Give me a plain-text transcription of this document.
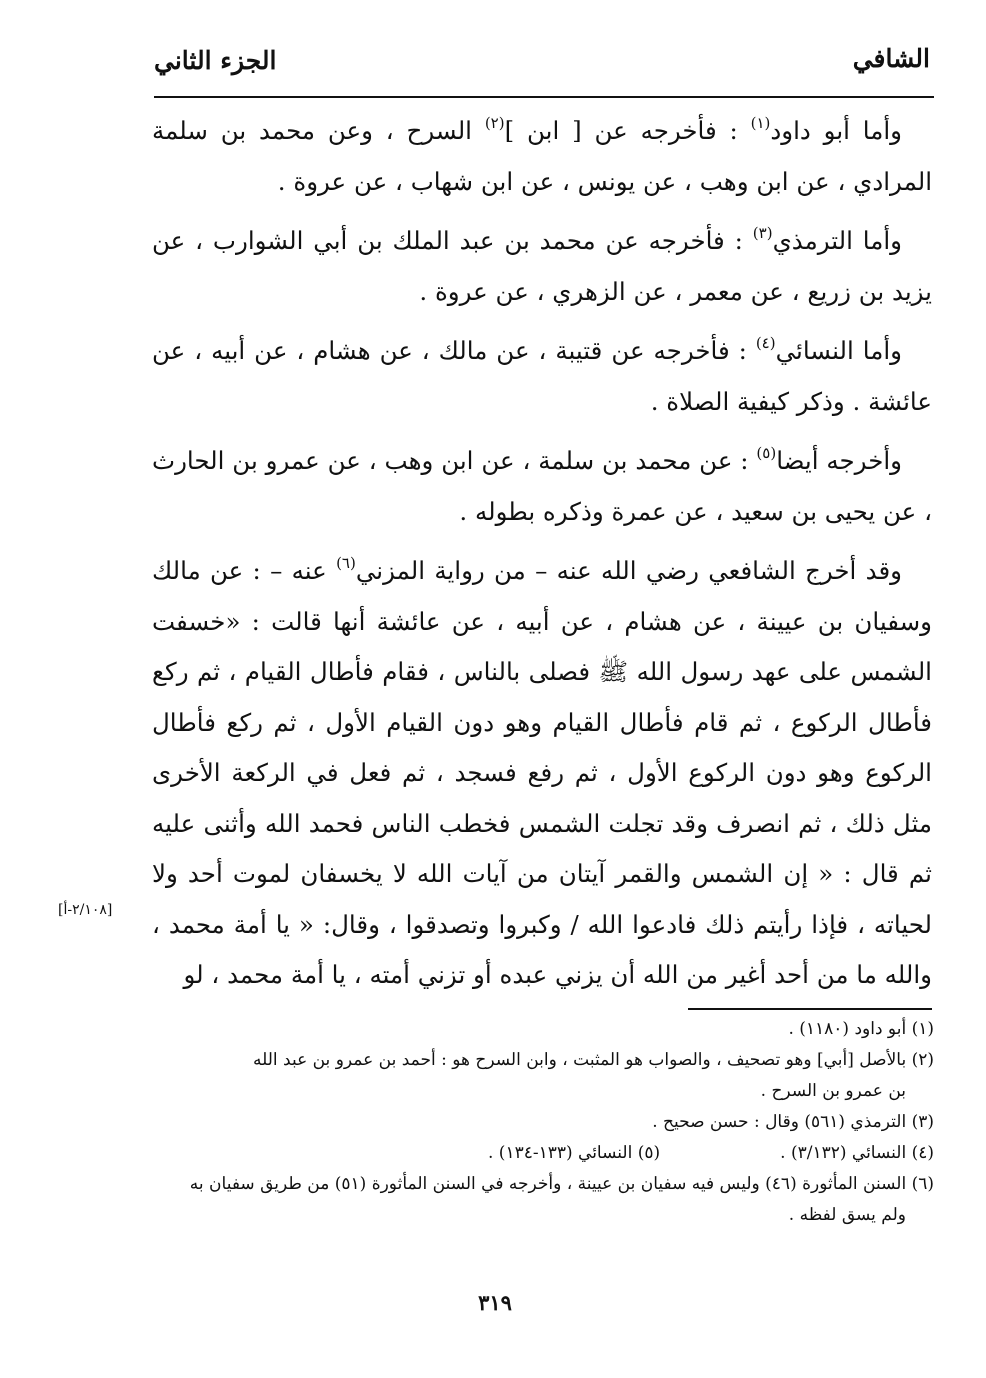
الشافي
الجزء الثاني

وأما أبو داود$^{(١)}$ : فأخرجه عن [ ابن ]$^{(٢)}$ السرح ، وعن محمد بن سلمة المرادي ، عن ابن وهب ، عن يونس ، عن ابن شهاب ، عن عروة .

وأما الترمذي$^{(٣)}$ : فأخرجه عن محمد بن عبد الملك بن أبي الشوارب ، عن يزيد بن زريع ، عن معمر ، عن الزهري ، عن عروة .

وأما النسائي$^{(٤)}$ : فأخرجه عن قتيبة ، عن مالك ، عن هشام ، عن أبيه ، عن عائشة . وذكر كيفية الصلاة .

وأخرجه أيضا$^{(٥)}$ : عن محمد بن سلمة ، عن ابن وهب ، عن عمرو بن الحارث ، عن يحيى بن سعيد ، عن عمرة وذكره بطوله .

وقد أخرج الشافعي رضي الله عنه – من رواية المزني$^{(٦)}$ عنه – : عن مالك وسفيان بن عيينة ، عن هشام ، عن أبيه ، عن عائشة أنها قالت : «خسفت الشمس على عهد رسول الله ﷺ فصلى بالناس ، فقام فأطال القيام ، ثم ركع فأطال الركوع ، ثم قام فأطال القيام وهو دون القيام الأول ، ثم ركع فأطال الركوع وهو دون الركوع الأول ، ثم رفع فسجد ، ثم فعل في الركعة الأخرى مثل ذلك ، ثم انصرف وقد تجلت الشمس فخطب الناس فحمد الله وأثنى عليه ثم قال : « إن الشمس والقمر آيتان من آيات الله لا يخسفان لموت أحد ولا لحياته ، فإذا رأيتم ذلك فادعوا الله / وكبروا وتصدقوا ، وقال: « يا أمة محمد ، والله ما من أحد أغير من الله أن يزني عبده أو تزني أمته ، يا أمة محمد ، لو

[٢/١٠٨-أ]

(١) أبو داود (١١٨٠) .

(٢) بالأصل [أبي] وهو تصحيف ، والصواب هو المثبت ، وابن السرح هو : أحمد بن عمرو بن عبد الله

بن عمرو بن السرح .

(٣) الترمذي (٥٦١) وقال : حسن صحيح .

(٤) النسائي (٣/١٣٢) .
(٥) النسائي (١٣٣-١٣٤) .

(٦) السنن المأثورة (٤٦) وليس فيه سفيان بن عيينة ، وأخرجه في السنن المأثورة (٥١) من طريق سفيان به

ولم يسق لفظه .

٣١٩
